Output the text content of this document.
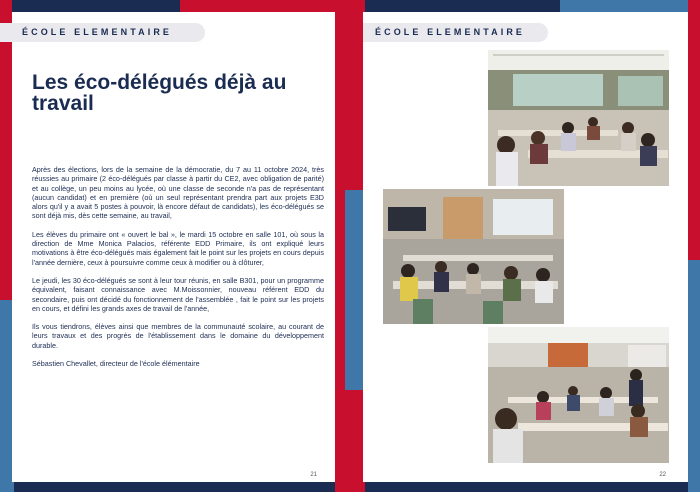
ÉCOLE ELEMENTAIRE
Les éco-délégués déjà au travail

Après des élections, lors de la semaine de la démocratie, du 7 au 11 octobre 2024, très réussies au primaire (2 éco-délégués par classe à partir du CE2, avec obligation de parité) et au collège, un peu moins au lycée, où une classe de seconde n'a pas de représentant (aucun candidat) et en première (où un seul représentant prendra part aux projets E3D alors qu'il y a avait 5 postes à pouvoir, là encore défaut de candidats), les éco-délégués se sont déjà mis, dès cette semaine, au travail,

Les élèves du primaire ont « ouvert le bal », le mardi 15 octobre en salle 101, où sous la direction de Mme Monica Palacios, référente EDD Primaire, ils ont expliqué leurs motivations à être éco-délégués mais également fait le point sur les projets en cours depuis l'année dernière, ceux à poursuivre comme ceux à modifier ou à clôturer,

Le jeudi, les 30 éco-délégués se sont à leur tour réunis, en salle B301, pour un programme équivalent, faisant connaissance avec M.Moissonnier, nouveau référent EDD du secondaire, puis ont décidé du fonctionnement de l'assemblée , fait le point sur les projets en cours, et défini les grands axes de travail de l'année,

Ils vous tiendrons, élèves ainsi que membres de la communauté scolaire, au courant de leurs travaux et des progrès de l'établissement dans le domaine du développement durable.

Sébastien Chevallet, directeur de l'école élémentaire

21
ÉCOLE ELEMENTAIRE
22
